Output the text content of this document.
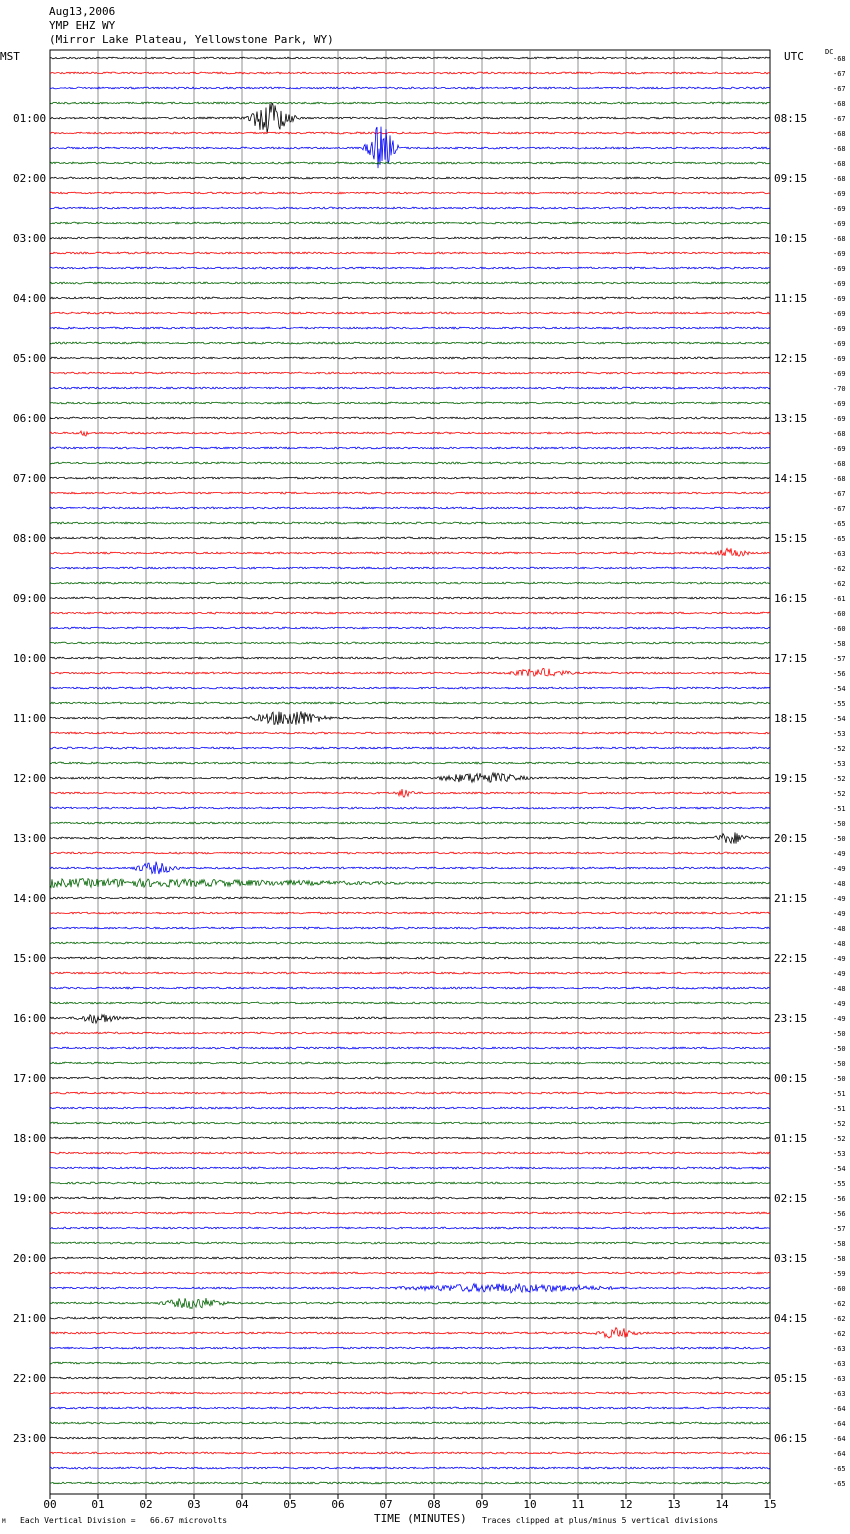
-68
-67
-67
-68
-67
-68
-68
-68
-68
-69
-69
-69
-68
-69
-69
-69
-69
-69
-69
-69
-69
-69
-70
-69
-69
-68
-69
-68
-68
-67
-67
-65
-65
-63
-62
-62
-61
-60
-60
-58
-57
-56
-54
-55
-54
-53
-52
-53
-52
-52
-51
-50
-50
-49
-49
-48
-49
-49
-48
-48
-49
-49
-48
-49
-49
-50
-50
-50
-50
-51
-51
-52
-52
-53
-54
-55
-56
-56
-57
-58
-58
-59
-60
-62
-62
-62
-63
-63
-63
-63
-64
-64
-64
-64
-65
-65
01:00
02:00
03:00
04:00
05:00
06:00
07:00
08:00
09:00
10:00
11:00
12:00
13:00
14:00
15:00
16:00
17:00
18:00
19:00
20:00
21:00
22:00
23:00
08:15
09:15
10:15
11:15
12:15
13:15
14:15
15:15
16:15
17:15
18:15
19:15
20:15
21:15
22:15
23:15
00:15
01:15
02:15
03:15
04:15
05:15
06:15
00	01	02	03	04	05	06	07	08	09	10	11	12	13	14	15
Aug13,2006
YMP EHZ WY
(Mirror Lake Plateau, Yellowstone Park, WY)
MST	UTC	DC
TIME (MINUTES)
M Each Vertical Division =   66.67 microvolts	Traces clipped at plus/minus 5 vertical divisions
